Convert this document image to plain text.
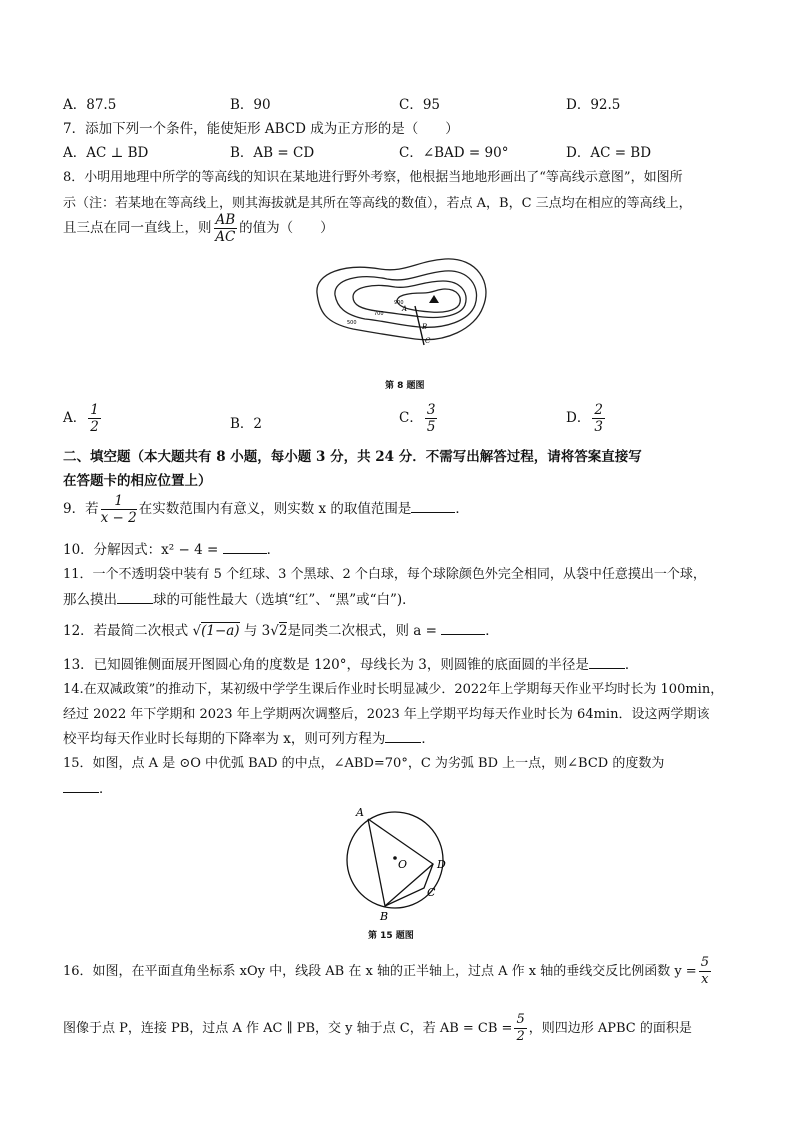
A．87.5	B．90	C．95	D．92.5
7．添加下列一个条件，能使矩形 ABCD 成为正方形的是（　　）
A．AC ⊥ BD	B．AB = CD	C．∠BAD = 90°	D．AC = BD
8．小明用地理中所学的等高线的知识在某地进行野外考察，他根据当地地形画出了“等高线示意图”，如图所
示（注：若某地在等高线上，则其海拔就是其所在等高线的数值），若点 A，B，C 三点均在相应的等高线上，
且三点在同一直线上，则 $\frac{AB}{AC}$ 的值为（　　）
900
700
500
A
B
C
第 8 题图
A． $\frac{1}{2}$	B．2	C． $\frac{3}{5}$	D． $\frac{2}{3}$
二、填空题（本大题共有 8 小题，每小题 3 分，共 24 分．不需写出解答过程，请将答案直接写
在答题卡的相应位置上）
9．若 $\frac{1}{x - 2}$ 在实数范围内有意义，则实数 x 的取值范围是	．
10．分解因式：x² − 4 =	．
11．一个不透明袋中装有 5 个红球、3 个黑球、2 个白球，每个球除颜色外完全相同，从袋中任意摸出一个球，
那么摸出	球的可能性最大（选填“红”、“黑”或“白”)．
12．若最简二次根式 √(1−a) 与 3√2是同类二次根式，则 a =	．
13．已知圆锥侧面展开图圆心角的度数是 120°，母线长为 3，则圆锥的底面圆的半径是	．
14.在双减政策”的推动下，某初级中学学生课后作业时长明显减少．2022年上学期每天作业平均时长为 100min，
经过 2022 年下学期和 2023 年上学期两次调整后，2023 年上学期平均每天作业时长为 64min．设这两学期该
校平均每天作业时长每期的下降率为 x，则可列方程为	．
15．如图，点 A 是 ⊙O 中优弧 BAD 的中点，∠ABD=70°，C 为劣弧 BD 上一点，则∠BCD 的度数为
．
A
O	D
C
B
第 15 题图
16．如图，在平面直角坐标系 xOy 中，线段 AB 在 x 轴的正半轴上，过点 A 作 x 轴的垂线交反比例函数 $y = \frac{5}{x}$
图像于点 P，连接 PB，过点 A 作 AC ∥ PB，交 y 轴于点 C，若 AB = CB = $\frac{5}{2}$ ，则四边形 APBC 的面积是
